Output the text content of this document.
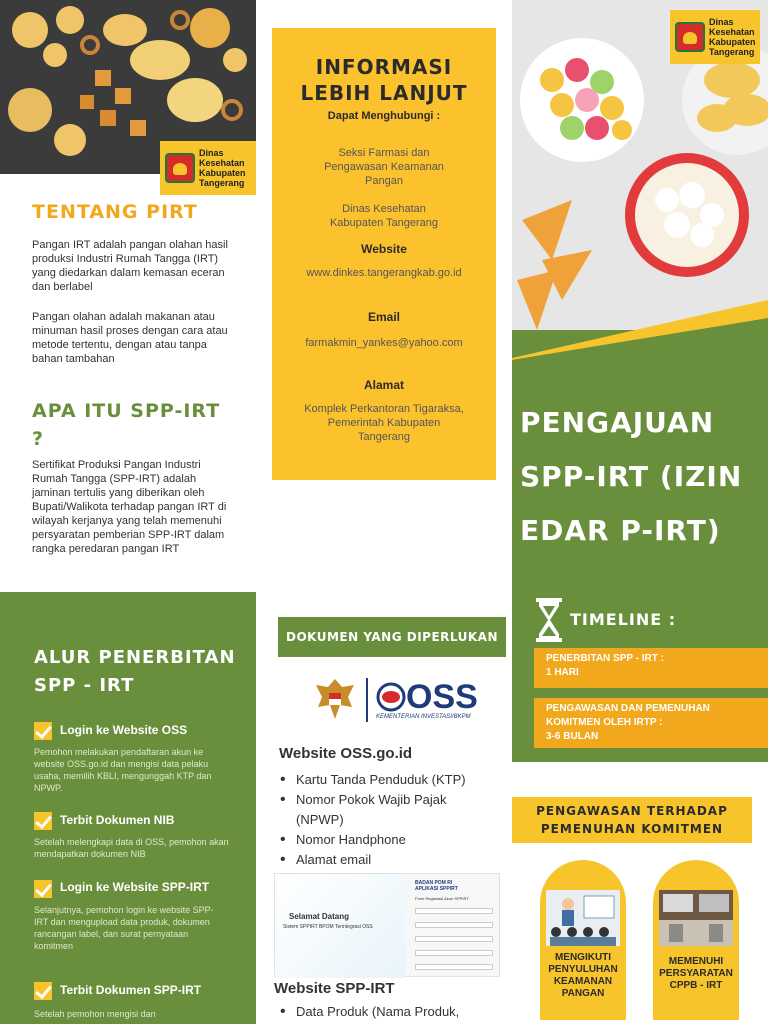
Dinas
Kesehatan
Kabupaten
Tangerang
TENTANG PIRT
Pangan IRT adalah pangan olahan hasil produksi Industri Rumah Tangga (IRT) yang diedarkan dalam kemasan eceran dan berlabel
Pangan olahan adalah makanan atau minuman hasil proses dengan cara atau metode tertentu, dengan atau tanpa bahan tambahan
APA ITU SPP-IRT ?
Sertifikat Produksi Pangan Industri Rumah Tangga (SPP-IRT) adalah jaminan tertulis yang diberikan oleh Bupati/Walikota terhadap pangan IRT di wilayah kerjanya yang telah memenuhi persyaratan pemberian SPP-IRT dalam rangka peredaran pangan IRT
INFORMASI
LEBIH LANJUT
Dapat Menghubungi :
Seksi Farmasi dan
Pengawasan Keamanan
Pangan
Dinas Kesehatan
Kabupaten Tangerang
Website
www.dinkes.tangerangkab.go.id
Email
farmakmin_yankes@yahoo.com
Alamat
Komplek Perkantoran Tigaraksa,
Pemerintah Kabupaten
Tangerang
Dinas
Kesehatan
Kabupaten
Tangerang
PENGAJUAN
SPP-IRT (IZIN
EDAR P-IRT)
ALUR PENERBITAN
SPP - IRT
Login ke Website OSS
Pemohon melakukan pendaftaran akun ke website OSS.go.id dan mengisi data pelaku usaha, memilih KBLI, mengunggah KTP dan NPWP.
Terbit Dokumen NIB
Setelah melengkapi data di OSS, pemohon akan mendapatkan dokumen NIB
Login ke Website SPP-IRT
Selanjutnya, pemohon login ke website SPP-IRT dan mengupload data produk, dokumen rancangan label, dan surat pernyataan komitmen
Terbit Dokumen SPP-IRT
Setelah pemohon mengisi dan
DOKUMEN YANG DIPERLUKAN
OSS
KEMENTERIAN INVESTASI/BKPM
Website OSS.go.id
• Kartu Tanda Penduduk (KTP)
• Nomor Pokok Wajib Pajak (NPWP)
• Nomor Handphone
• Alamat email
Selamat Datang
Sistem SPPIRT BPOM Terintegrasi OSS
BADAN POM RI
APLIKASI SPPIRT
Form Registrasi Akun SPPIRT
Website SPP-IRT
• Data Produk (Nama Produk,
TIMELINE :
PENERBITAN SPP - IRT :
1 HARI
PENGAWASAN DAN PEMENUHAN
KOMITMEN OLEH IRTP :
3-6 BULAN
PENGAWASAN TERHADAP
PEMENUHAN KOMITMEN
MENGIKUTI
PENYULUHAN
KEAMANAN
PANGAN
MEMENUHI
PERSYARATAN
CPPB - IRT
